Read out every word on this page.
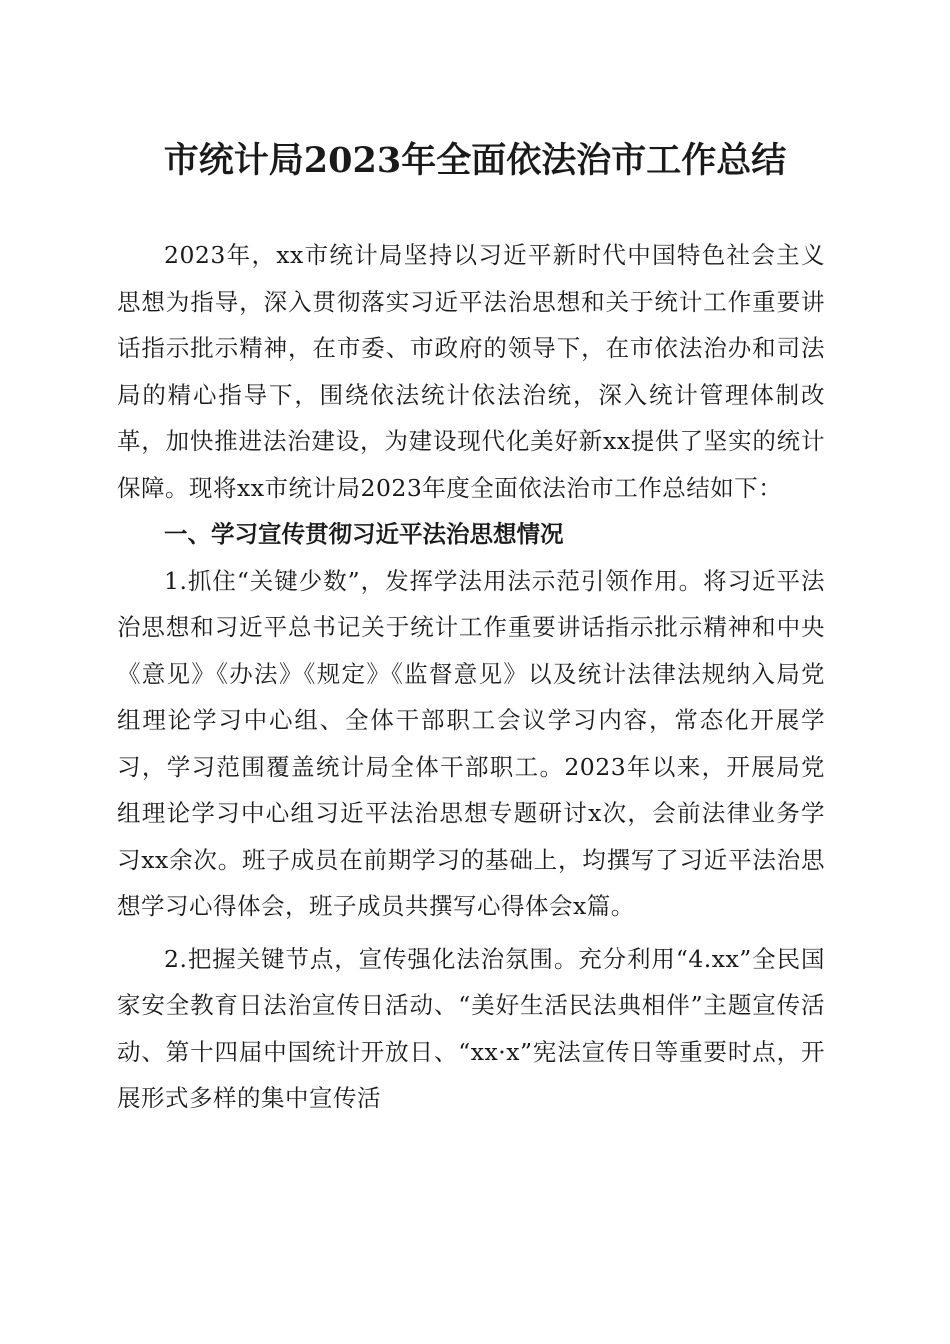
市统计局2023年全面依法治市工作总结

2023年，xx市统计局坚持以习近平新时代中国特色社会主义思想为指导，深入贯彻落实习近平法治思想和关于统计工作重要讲话指示批示精神，在市委、市政府的领导下，在市依法治办和司法局的精心指导下，围绕依法统计依法治统，深入统计管理体制改革，加快推进法治建设，为建设现代化美好新xx提供了坚实的统计保障。现将xx市统计局2023年度全面依法治市工作总结如下：

一、学习宣传贯彻习近平法治思想情况

1.抓住“关键少数”，发挥学法用法示范引领作用。将习近平法治思想和习近平总书记关于统计工作重要讲话指示批示精神和中央《意见》《办法》《规定》《监督意见》以及统计法律法规纳入局党组理论学习中心组、全体干部职工会议学习内容，常态化开展学习，学习范围覆盖统计局全体干部职工。2023年以来，开展局党组理论学习中心组习近平法治思想专题研讨x次，会前法律业务学习xx余次。班子成员在前期学习的基础上，均撰写了习近平法治思想学习心得体会，班子成员共撰写心得体会x篇。

2.把握关键节点，宣传强化法治氛围。充分利用“4.xx”全民国家安全教育日法治宣传日活动、“美好生活民法典相伴”主题宣传活动、第十四届中国统计开放日、“xx·x”宪法宣传日等重要时点，开展形式多样的集中宣传活
